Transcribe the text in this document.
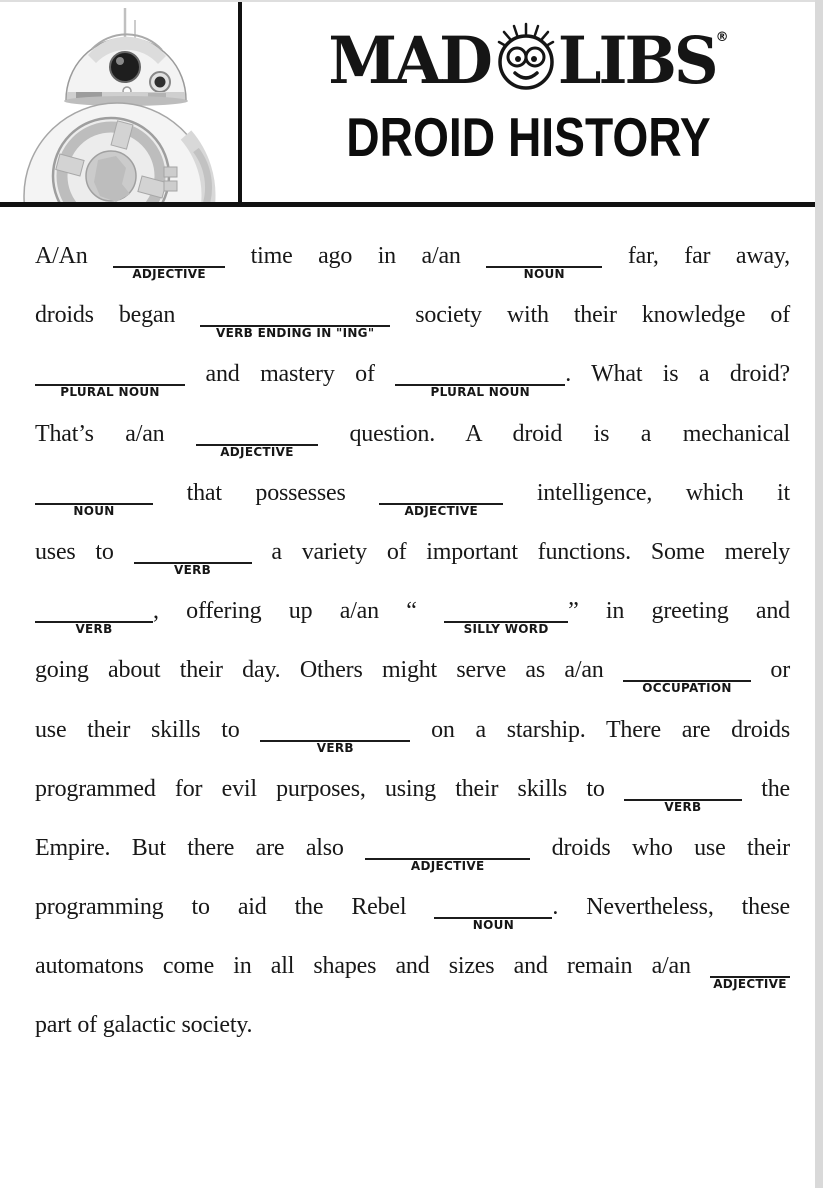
MAD LIBS ®
DROID HISTORY
A/An
ADJECTIVE
time ago in a/an
NOUN
far, far away,
droids began
VERB ENDING IN "ING"
society with their knowledge of
PLURAL NOUN
and mastery of
PLURAL NOUN
. What is a droid?
That’s a/an
ADJECTIVE
question. A droid is a mechanical
NOUN
that possesses
ADJECTIVE
intelligence, which it
uses to
VERB
a variety of important functions. Some merely
VERB
, offering up a/an “
SILLY WORD
” in greeting and
going about their day. Others might serve as a/an
OCCUPATION
or
use their skills to
VERB
on a starship. There are droids
programmed for evil purposes, using their skills to
VERB
the
Empire. But there are also
ADJECTIVE
droids who use their
programming to aid the Rebel
NOUN
. Nevertheless, these
automatons come in all shapes and sizes and remain a/an
ADJECTIVE
part of galactic society.
